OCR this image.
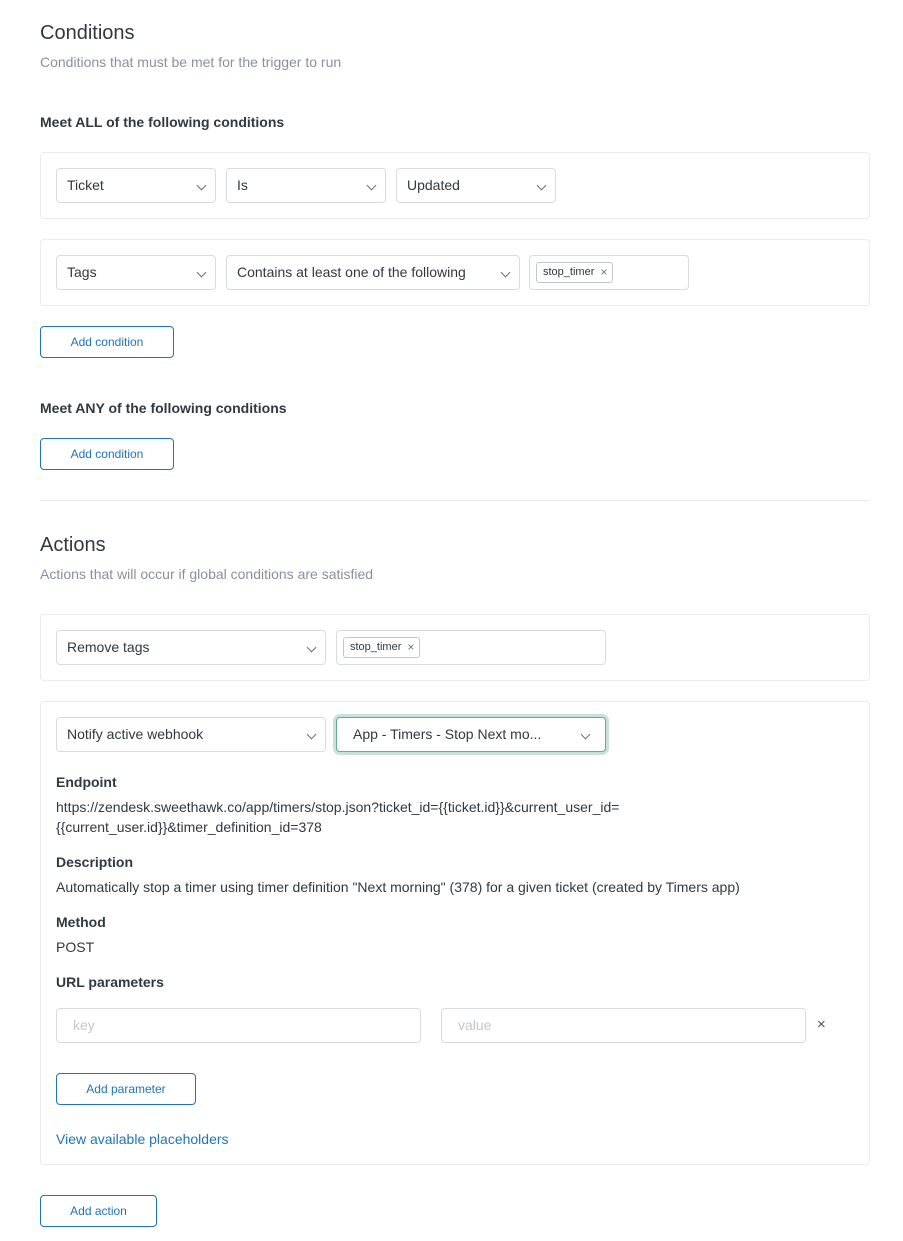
Conditions
Conditions that must be met for the trigger to run
Meet ALL of the following conditions
Ticket	Is	Updated
Tags	Contains at least one of the following	stop_timer ×
Add condition
Meet ANY of the following conditions
Add condition
Actions
Actions that will occur if global conditions are satisfied
Remove tags	stop_timer ×
Notify active webhook	App - Timers - Stop Next mo...
Endpoint
https://zendesk.sweethawk.co/app/timers/stop.json?ticket_id={{ticket.id}}&current_user_id=
{{current_user.id}}&timer_definition_id=378
Description
Automatically stop a timer using timer definition "Next morning" (378) for a given ticket (created by Timers app)
Method
POST
URL parameters
key	value	×
Add parameter
View available placeholders
Add action
